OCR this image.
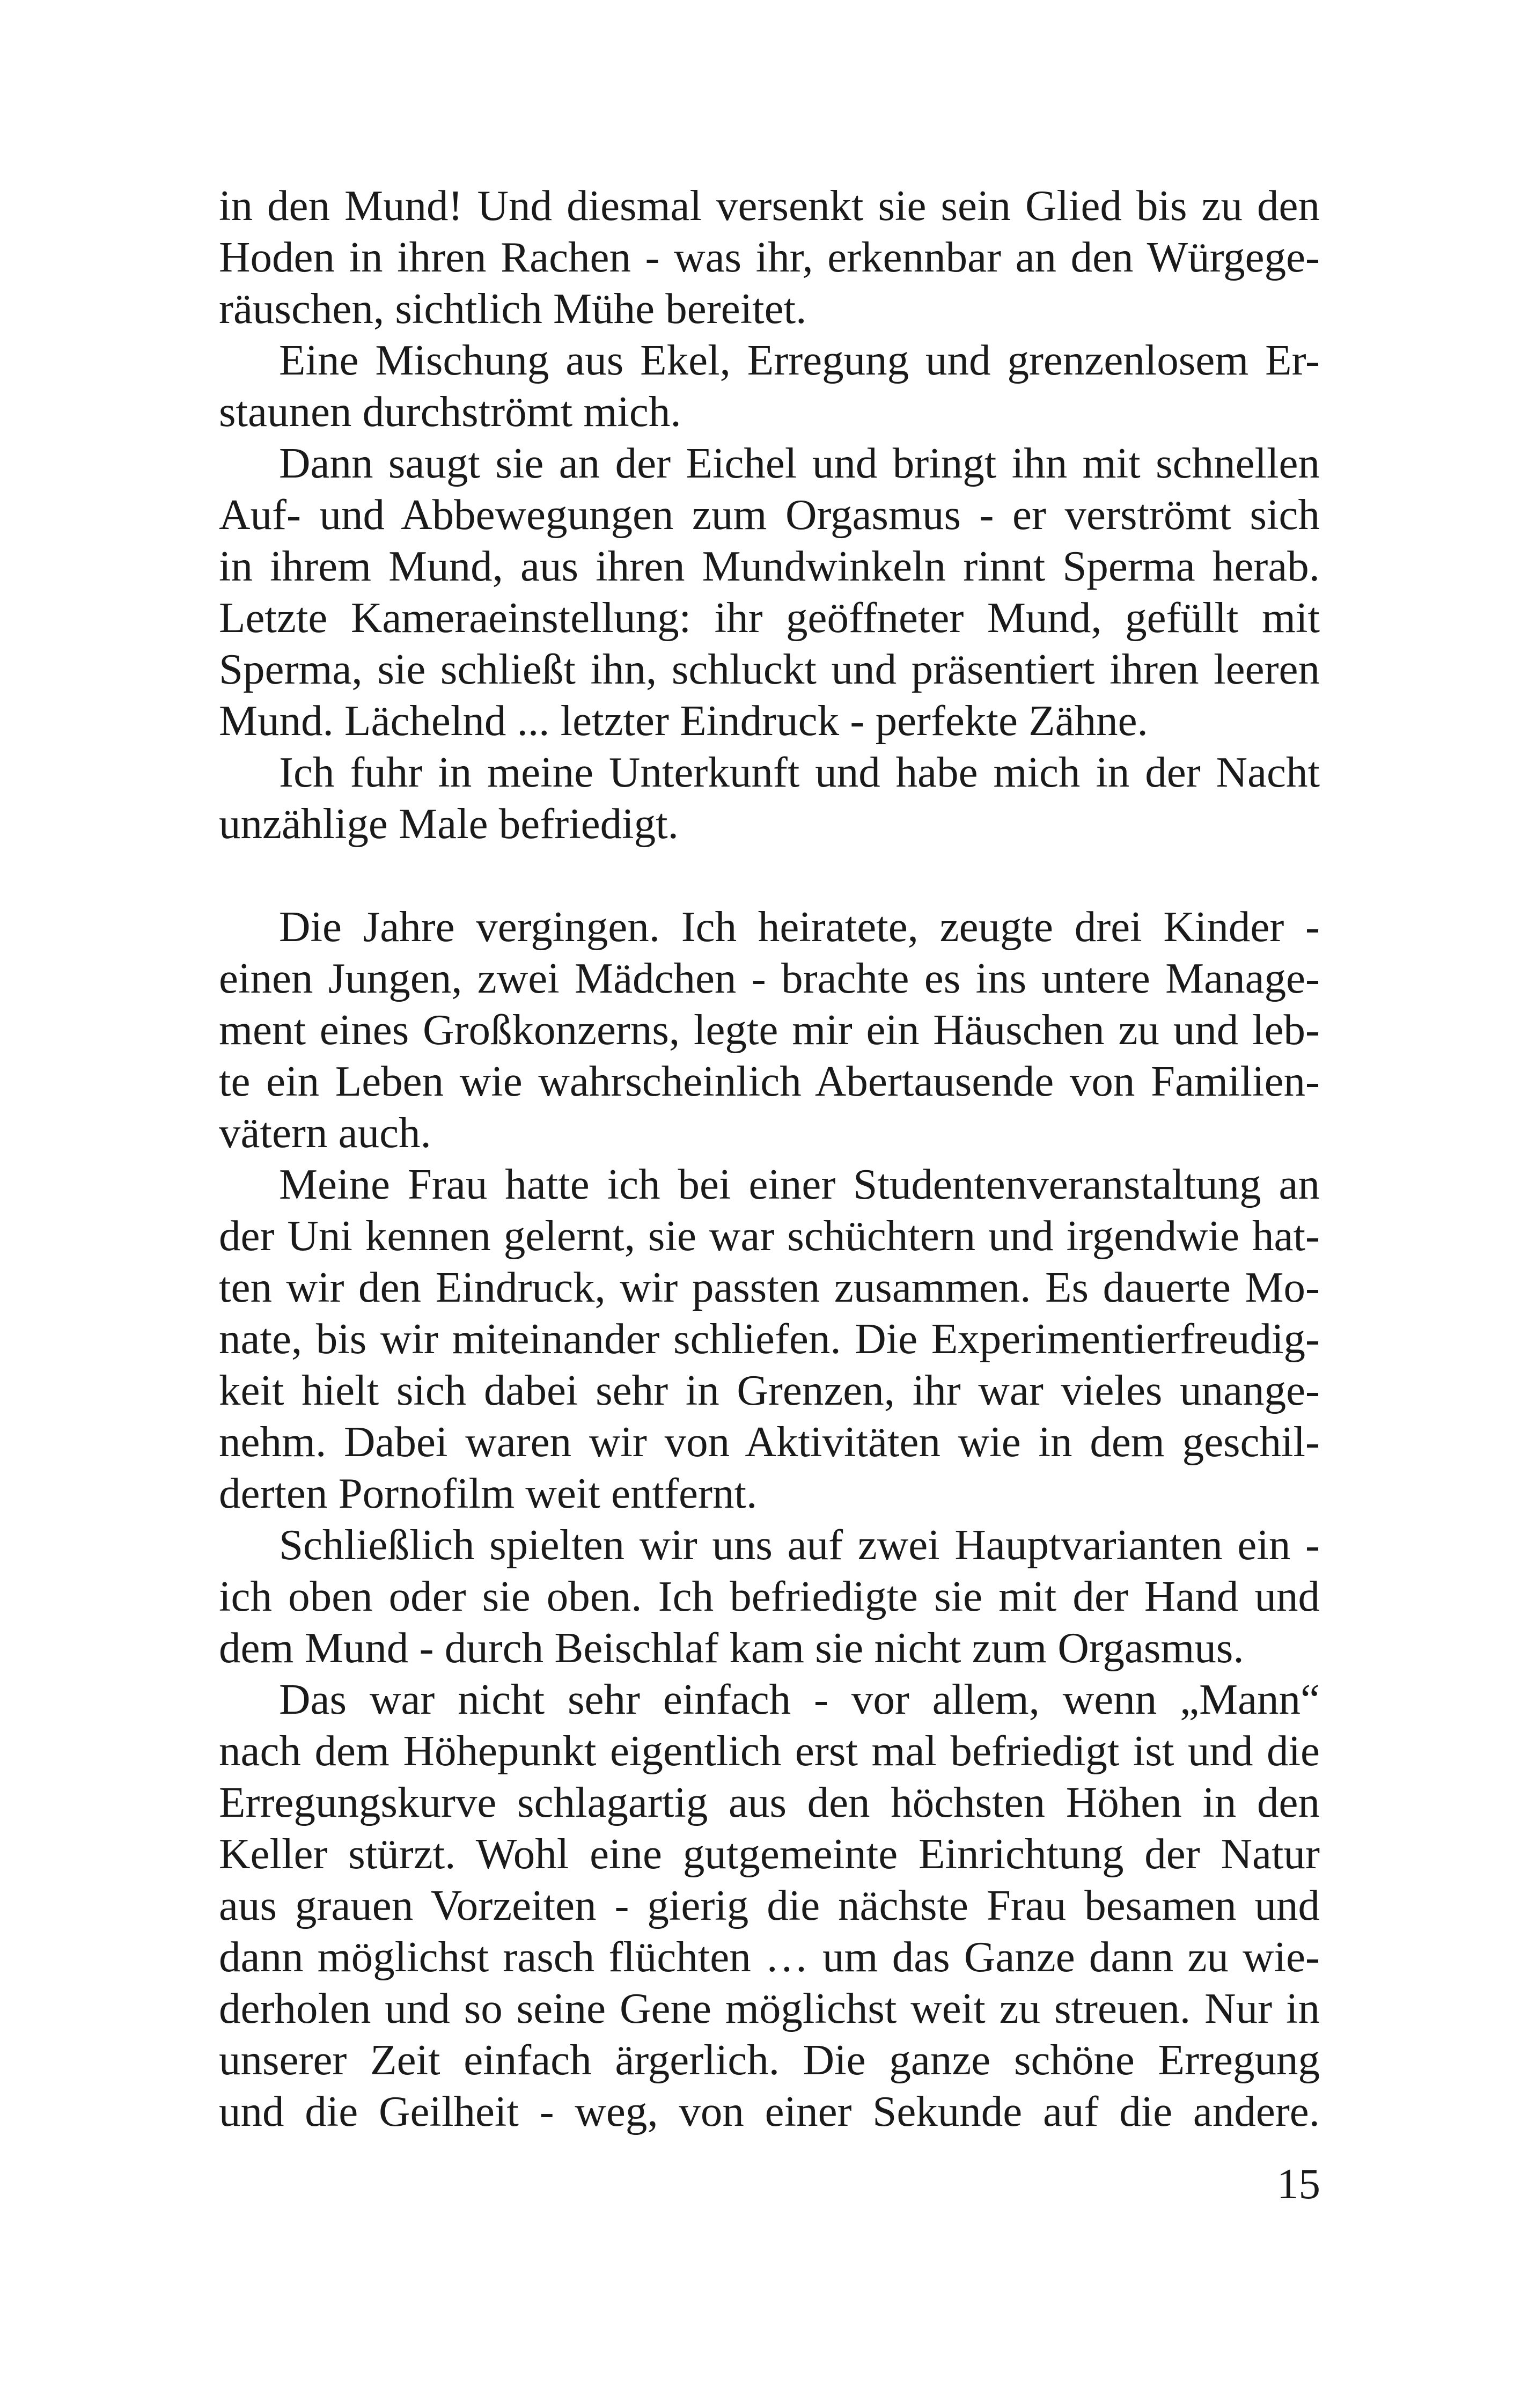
in den Mund! Und diesmal versenkt sie sein Glied bis zu den
Hoden in ihren Rachen - was ihr, erkennbar an den Würgege-
räuschen, sichtlich Mühe bereitet.
Eine Mischung aus Ekel, Erregung und grenzenlosem Er-
staunen durchströmt mich.
Dann saugt sie an der Eichel und bringt ihn mit schnellen
Auf- und Abbewegungen zum Orgasmus - er verströmt sich
in ihrem Mund, aus ihren Mundwinkeln rinnt Sperma herab.
Letzte Kameraeinstellung: ihr geöffneter Mund, gefüllt mit
Sperma, sie schließt ihn, schluckt und präsentiert ihren leeren
Mund. Lächelnd ... letzter Eindruck - perfekte Zähne.
Ich fuhr in meine Unterkunft und habe mich in der Nacht
unzählige Male befriedigt.
Die Jahre vergingen. Ich heiratete, zeugte drei Kinder -
einen Jungen, zwei Mädchen - brachte es ins untere Manage-
ment eines Großkonzerns, legte mir ein Häuschen zu und leb-
te ein Leben wie wahrscheinlich Abertausende von Familien-
vätern auch.
Meine Frau hatte ich bei einer Studentenveranstaltung an
der Uni kennen gelernt, sie war schüchtern und irgendwie hat-
ten wir den Eindruck, wir passten zusammen. Es dauerte Mo-
nate, bis wir miteinander schliefen. Die Experimentierfreudig-
keit hielt sich dabei sehr in Grenzen, ihr war vieles unange-
nehm. Dabei waren wir von Aktivitäten wie in dem geschil-
derten Pornofilm weit entfernt.
Schließlich spielten wir uns auf zwei Hauptvarianten ein -
ich oben oder sie oben. Ich befriedigte sie mit der Hand und
dem Mund - durch Beischlaf kam sie nicht zum Orgasmus.
Das war nicht sehr einfach - vor allem, wenn „Mann“
nach dem Höhepunkt eigentlich erst mal befriedigt ist und die
Erregungskurve schlagartig aus den höchsten Höhen in den
Keller stürzt. Wohl eine gutgemeinte Einrichtung der Natur
aus grauen Vorzeiten - gierig die nächste Frau besamen und
dann möglichst rasch flüchten … um das Ganze dann zu wie-
derholen und so seine Gene möglichst weit zu streuen. Nur in
unserer Zeit einfach ärgerlich. Die ganze schöne Erregung
und die Geilheit - weg, von einer Sekunde auf die andere.
15
